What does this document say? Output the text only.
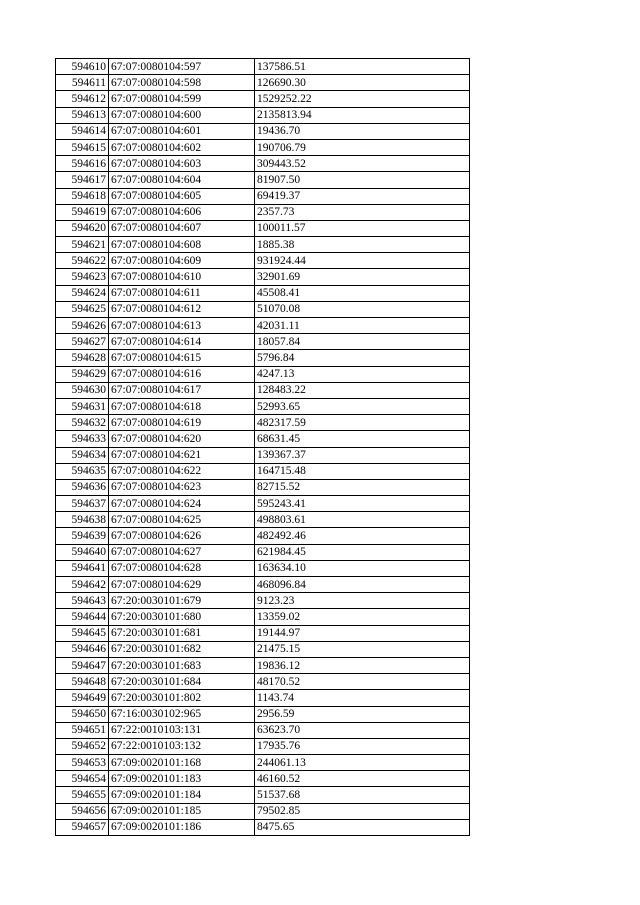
594610	67:07:0080104:597	137586.51
594611	67:07:0080104:598	126690.30
594612	67:07:0080104:599	1529252.22
594613	67:07:0080104:600	2135813.94
594614	67:07:0080104:601	19436.70
594615	67:07:0080104:602	190706.79
594616	67:07:0080104:603	309443.52
594617	67:07:0080104:604	81907.50
594618	67:07:0080104:605	69419.37
594619	67:07:0080104:606	2357.73
594620	67:07:0080104:607	100011.57
594621	67:07:0080104:608	1885.38
594622	67:07:0080104:609	931924.44
594623	67:07:0080104:610	32901.69
594624	67:07:0080104:611	45508.41
594625	67:07:0080104:612	51070.08
594626	67:07:0080104:613	42031.11
594627	67:07:0080104:614	18057.84
594628	67:07:0080104:615	5796.84
594629	67:07:0080104:616	4247.13
594630	67:07:0080104:617	128483.22
594631	67:07:0080104:618	52993.65
594632	67:07:0080104:619	482317.59
594633	67:07:0080104:620	68631.45
594634	67:07:0080104:621	139367.37
594635	67:07:0080104:622	164715.48
594636	67:07:0080104:623	82715.52
594637	67:07:0080104:624	595243.41
594638	67:07:0080104:625	498803.61
594639	67:07:0080104:626	482492.46
594640	67:07:0080104:627	621984.45
594641	67:07:0080104:628	163634.10
594642	67:07:0080104:629	468096.84
594643	67:20:0030101:679	9123.23
594644	67:20:0030101:680	13359.02
594645	67:20:0030101:681	19144.97
594646	67:20:0030101:682	21475.15
594647	67:20:0030101:683	19836.12
594648	67:20:0030101:684	48170.52
594649	67:20:0030101:802	1143.74
594650	67:16:0030102:965	2956.59
594651	67:22:0010103:131	63623.70
594652	67:22:0010103:132	17935.76
594653	67:09:0020101:168	244061.13
594654	67:09:0020101:183	46160.52
594655	67:09:0020101:184	51537.68
594656	67:09:0020101:185	79502.85
594657	67:09:0020101:186	8475.65
